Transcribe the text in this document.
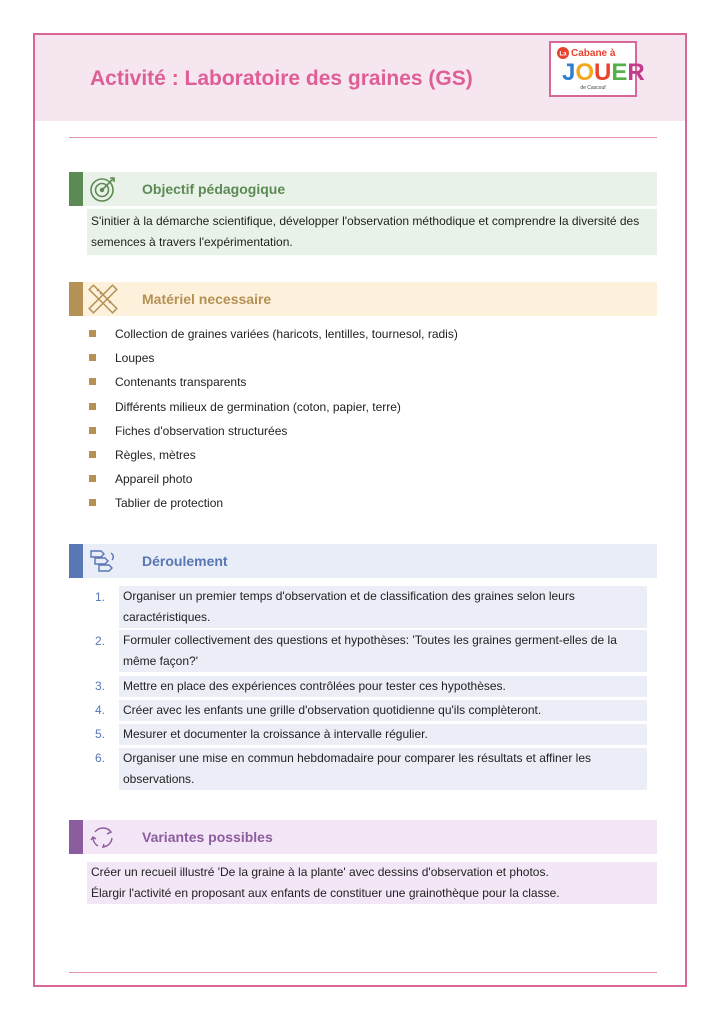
Activité : Laboratoire des graines (GS)
La Cabane à
JOUER
de Cascouf
Objectif pédagogique
S'initier à la démarche scientifique, développer l'observation méthodique et comprendre la diversité des
semences à travers l'expérimentation.
Matériel necessaire
Collection de graines variées (haricots, lentilles, tournesol, radis)
Loupes
Contenants transparents
Différents milieux de germination (coton, papier, terre)
Fiches d'observation structurées
Règles, mètres
Appareil photo
Tablier de protection
Déroulement
1. Organiser un premier temps d'observation et de classification des graines selon leurs
caractéristiques.
2. Formuler collectivement des questions et hypothèses: 'Toutes les graines germent-elles de la
même façon?'
3. Mettre en place des expériences contrôlées pour tester ces hypothèses.
4. Créer avec les enfants une grille d'observation quotidienne qu'ils complèteront.
5. Mesurer et documenter la croissance à intervalle régulier.
6. Organiser une mise en commun hebdomadaire pour comparer les résultats et affiner les
observations.
Variantes possibles
Créer un recueil illustré 'De la graine à la plante' avec dessins d'observation et photos.
Élargir l'activité en proposant aux enfants de constituer une grainothèque pour la classe.
